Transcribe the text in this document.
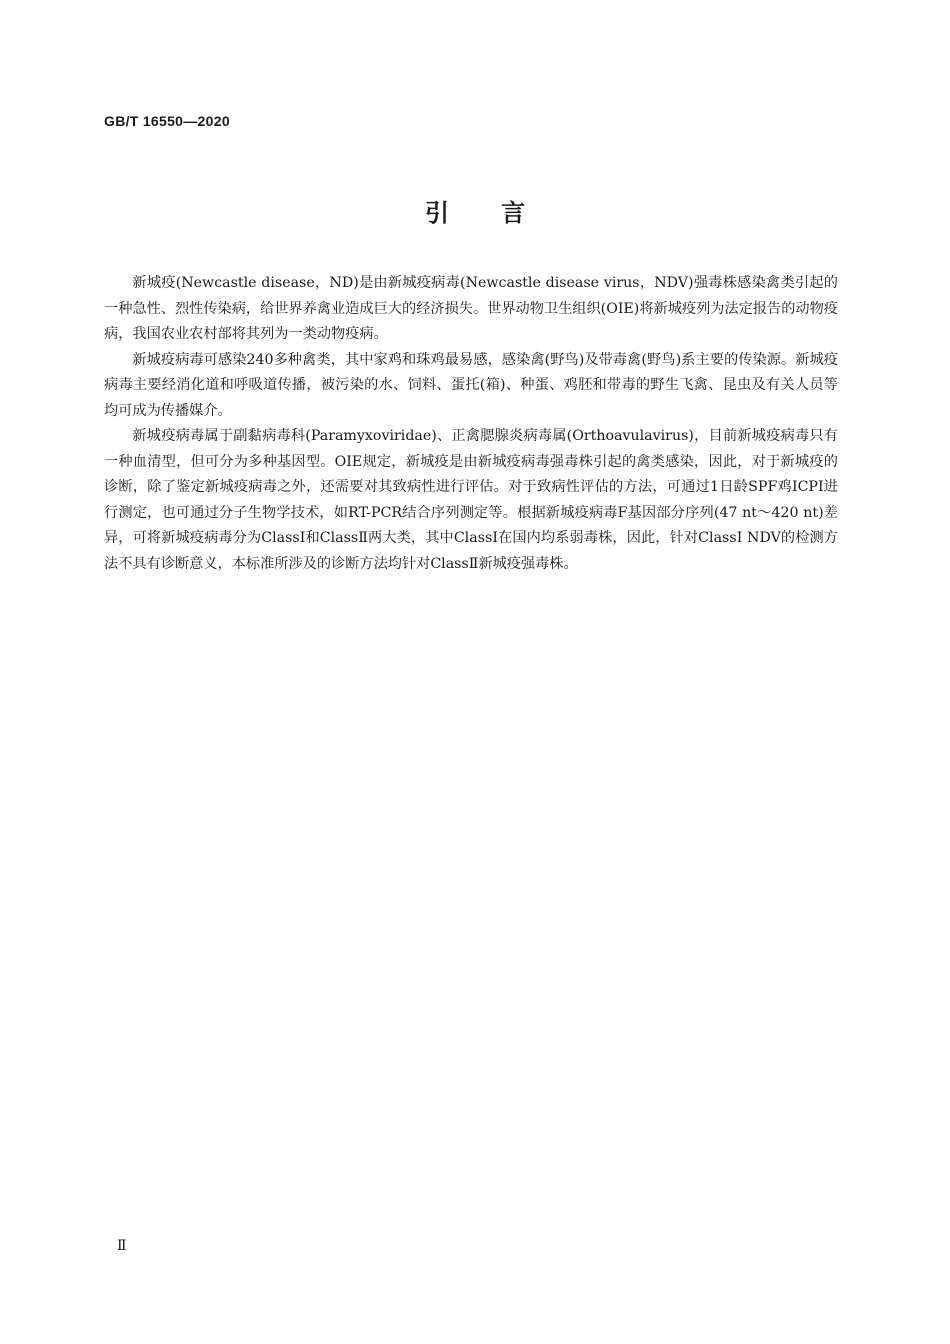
GB/T 16550—2020
引言

新城疫(Newcastle disease，ND)是由新城疫病毒(Newcastle disease virus，NDV)强毒株感染禽类引起的一种急性、烈性传染病，给世界养禽业造成巨大的经济损失。世界动物卫生组织(OIE)将新城疫列为法定报告的动物疫病，我国农业农村部将其列为一类动物疫病。

新城疫病毒可感染240多种禽类，其中家鸡和珠鸡最易感，感染禽(野鸟)及带毒禽(野鸟)系主要的传染源。新城疫病毒主要经消化道和呼吸道传播，被污染的水、饲料、蛋托(箱)、种蛋、鸡胚和带毒的野生飞禽、昆虫及有关人员等均可成为传播媒介。

新城疫病毒属于副黏病毒科(Paramyxoviridae)、正禽腮腺炎病毒属(Orthoavulavirus)，目前新城疫病毒只有一种血清型，但可分为多种基因型。OIE规定，新城疫是由新城疫病毒强毒株引起的禽类感染，因此，对于新城疫的诊断，除了鉴定新城疫病毒之外，还需要对其致病性进行评估。对于致病性评估的方法，可通过1日龄SPF鸡ICPI进行测定，也可通过分子生物学技术，如RT-PCR结合序列测定等。根据新城疫病毒F基因部分序列(47 nt～420 nt)差异，可将新城疫病毒分为ClassⅠ和ClassⅡ两大类，其中ClassⅠ在国内均系弱毒株，因此，针对ClassⅠ NDV的检测方法不具有诊断意义，本标准所涉及的诊断方法均针对ClassⅡ新城疫强毒株。

Ⅱ
